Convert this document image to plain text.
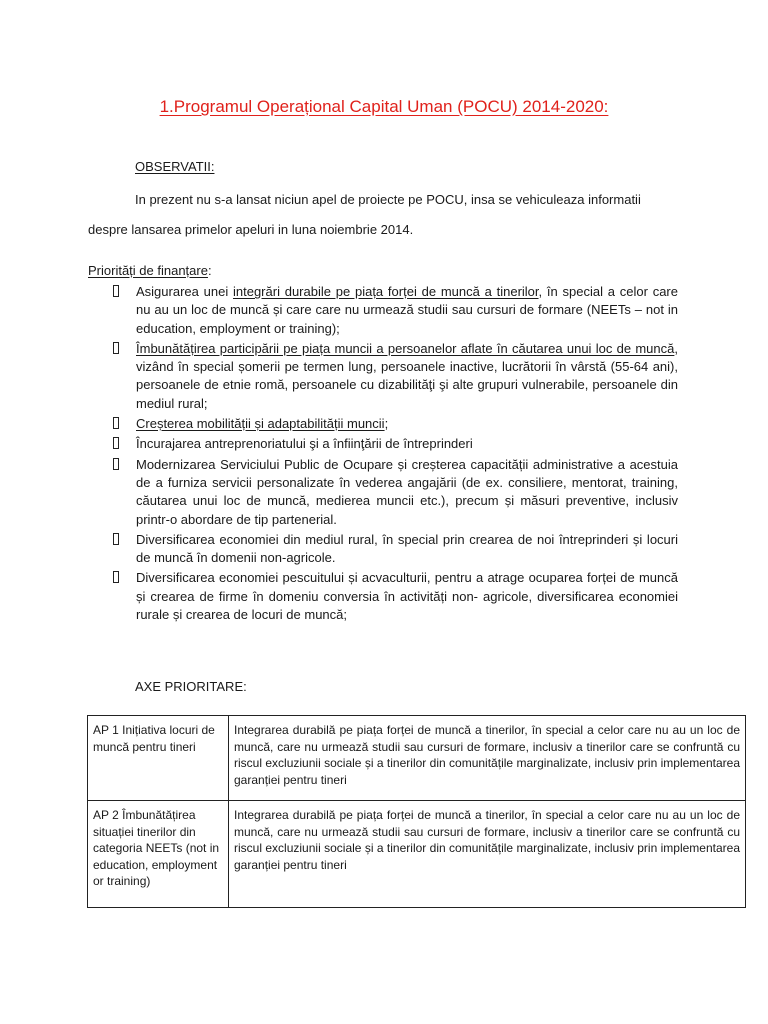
1.Programul Operațional Capital Uman (POCU) 2014-2020:
OBSERVATII:

In prezent nu s-a lansat niciun apel de proiecte pe POCU, insa se vehiculeaza informatii despre lansarea primelor apeluri in luna noiembrie 2014.

Priorități de finanțare:
Asigurarea unei integrări durabile pe piața forței de muncă a tinerilor, în special a celor care nu au un loc de muncă și care care nu urmează studii sau cursuri de formare (NEETs – not in education, employment or training);
Îmbunătățirea participării pe piața muncii a persoanelor aflate în căutarea unui loc de muncă, vizând în special șomerii pe termen lung, persoanele inactive, lucrătorii în vârstă (55-64 ani), persoanele de etnie romă, persoanele cu dizabilităţi şi alte grupuri vulnerabile, persoanele din mediul rural;
Creșterea mobilității și adaptabilității muncii;
Încurajarea antreprenoriatului şi a înfiinţării de întreprinderi
Modernizarea Serviciului Public de Ocupare și creșterea capacității administrative a acestuia de a furniza servicii personalizate în vederea angajării (de ex. consiliere, mentorat, training, căutarea unui loc de muncă, medierea muncii etc.), precum și măsuri preventive, inclusiv printr-o abordare de tip partenerial.
Diversificarea economiei din mediul rural, în special prin crearea de noi întreprinderi și locuri de muncă în domenii non-agricole.
Diversificarea economiei pescuitului și acvaculturii, pentru a atrage ocuparea forței de muncă și crearea de firme în domeniu conversia în activități non- agricole, diversificarea economiei rurale și crearea de locuri de muncă;
AXE PRIORITARE:
AP 1 Inițiativa locuri de muncă pentru tineri	Integrarea durabilă pe piața forței de muncă a tinerilor, în special a celor care nu au un loc de muncă, care nu urmează studii sau cursuri de formare, inclusiv a tinerilor care se confruntă cu riscul excluziunii sociale și a tinerilor din comunitățile marginalizate, inclusiv prin implementarea garanției pentru tineri
AP 2 Îmbunătățirea situației tinerilor din categoria NEETs (not in education, employment or training)	Integrarea durabilă pe piața forței de muncă a tinerilor, în special a celor care nu au un loc de muncă, care nu urmează studii sau cursuri de formare, inclusiv a tinerilor care se confruntă cu riscul excluziunii sociale și a tinerilor din comunitățile marginalizate, inclusiv prin implementarea garanției pentru tineri
